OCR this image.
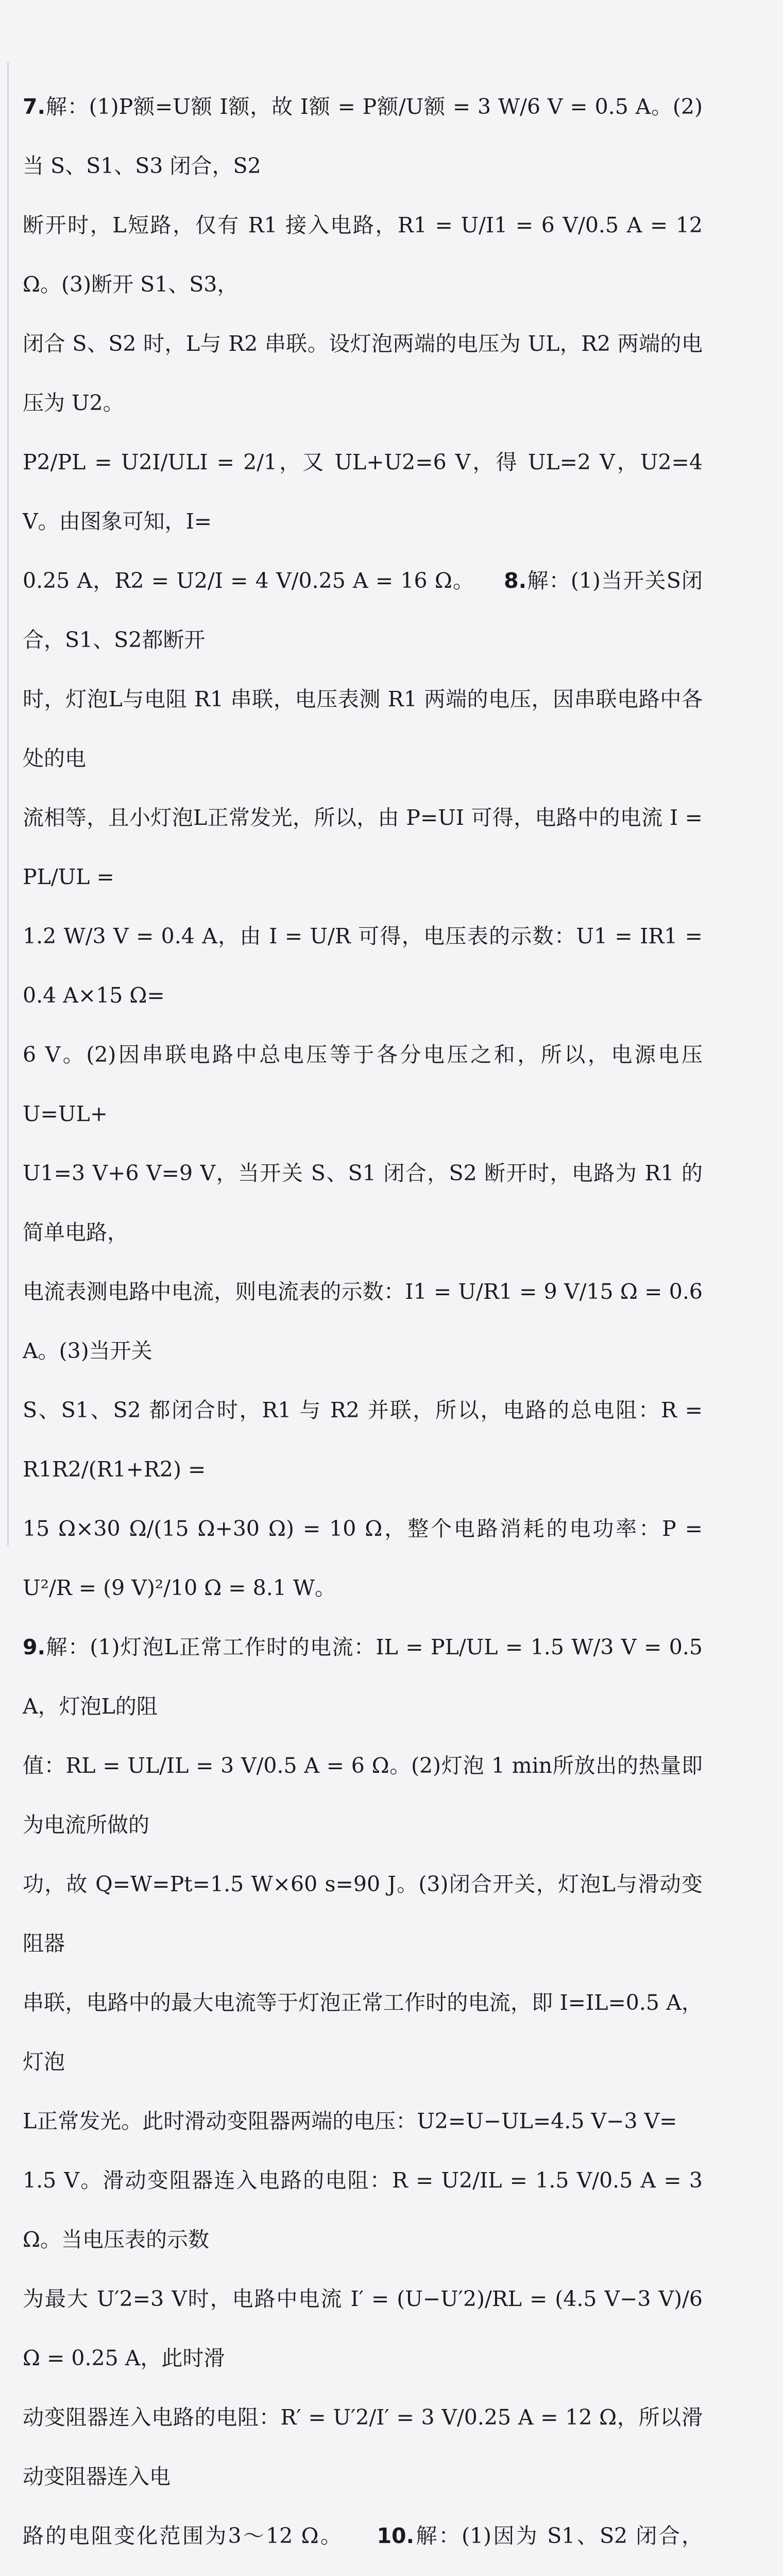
7.解：(1)P额=U额 I额，故 I额 = P额/U额 = 3 W/6 V = 0.5 A。(2)当 S、S1、S3 闭合，S2
断开时，L短路，仅有 R1 接入电路，R1 = U/I1 = 6 V/0.5 A = 12 Ω。(3)断开 S1、S3，
闭合 S、S2 时，L与 R2 串联。设灯泡两端的电压为 UL，R2 两端的电压为 U2。
P2/PL = U2I/ULI = 2/1，又 UL+U2=6 V，得 UL=2 V，U2=4 V。由图象可知，I=
0.25 A，R2 = U2/I = 4 V/0.25 A = 16 Ω。 8.解：(1)当开关S闭合，S1、S2都断开
时，灯泡L与电阻 R1 串联，电压表测 R1 两端的电压，因串联电路中各处的电
流相等，且小灯泡L正常发光，所以，由 P=UI 可得，电路中的电流 I = PL/UL =
1.2 W/3 V = 0.4 A，由 I = U/R 可得，电压表的示数：U1 = IR1 = 0.4 A×15 Ω=
6 V。(2)因串联电路中总电压等于各分电压之和，所以，电源电压 U=UL+
U1=3 V+6 V=9 V，当开关 S、S1 闭合，S2 断开时，电路为 R1 的简单电路，
电流表测电路中电流，则电流表的示数：I1 = U/R1 = 9 V/15 Ω = 0.6 A。(3)当开关
S、S1、S2 都闭合时，R1 与 R2 并联，所以，电路的总电阻：R = R1R2/(R1+R2) =
15 Ω×30 Ω/(15 Ω+30 Ω) = 10 Ω，整个电路消耗的电功率：P = U²/R = (9 V)²/10 Ω = 8.1 W。
9.解：(1)灯泡L正常工作时的电流：IL = PL/UL = 1.5 W/3 V = 0.5 A，灯泡L的阻
值：RL = UL/IL = 3 V/0.5 A = 6 Ω。(2)灯泡 1 min所放出的热量即为电流所做的
功，故 Q=W=Pt=1.5 W×60 s=90 J。(3)闭合开关，灯泡L与滑动变阻器
串联，电路中的最大电流等于灯泡正常工作时的电流，即 I=IL=0.5 A，灯泡
L正常发光。此时滑动变阻器两端的电压：U2=U−UL=4.5 V−3 V=
1.5 V。滑动变阻器连入电路的电阻：R = U2/IL = 1.5 V/0.5 A = 3 Ω。当电压表的示数
为最大 U′2=3 V时，电路中电流 I′ = (U−U′2)/RL = (4.5 V−3 V)/6 Ω = 0.25 A，此时滑
动变阻器连入电路的电阻：R′ = U′2/I′ = 3 V/0.25 A = 12 Ω，所以滑动变阻器连入电
路的电阻变化范围为3～12 Ω。 10.解：(1)因为 S1、S2 闭合，
